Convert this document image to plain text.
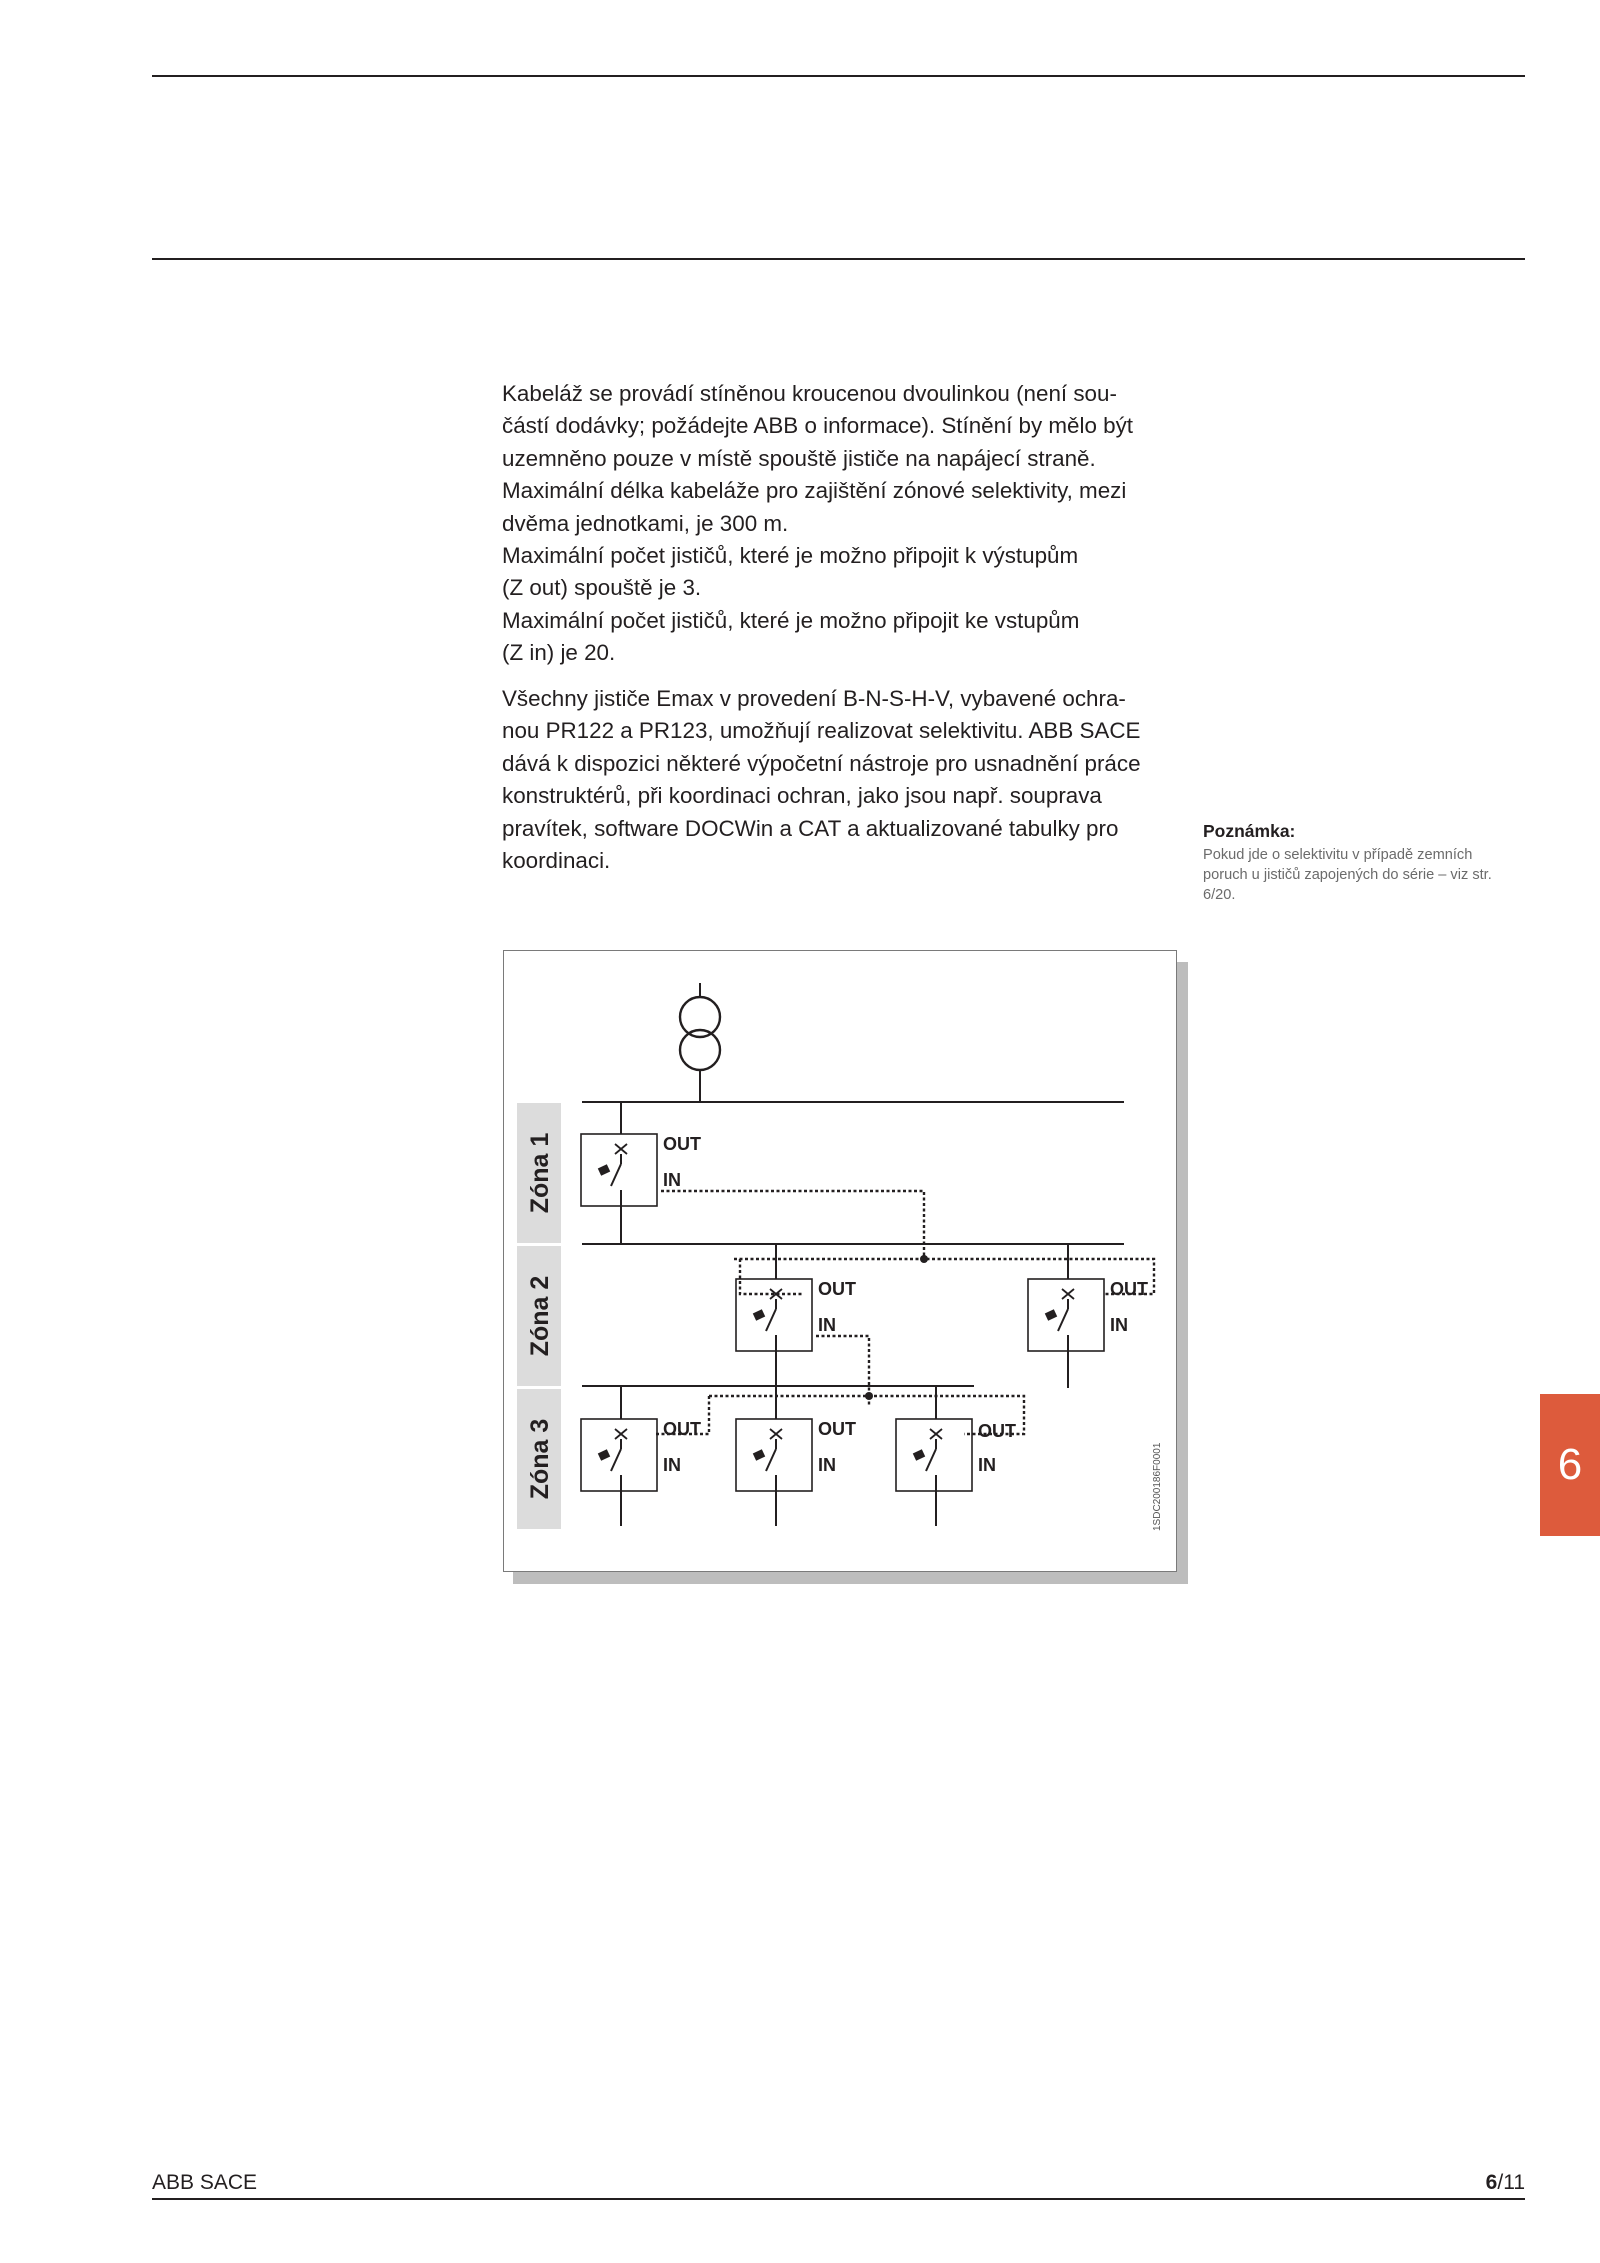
Kabeláž se provádí stíněnou kroucenou dvoulinkou (není sou-
částí dodávky; požádejte ABB o informace). Stínění by mělo být
uzemněno pouze v místě spouště jističe na napájecí straně.
Maximální délka kabeláže pro zajištění zónové selektivity, mezi
dvěma jednotkami, je 300 m.
Maximální počet jističů, které je možno připojit k výstupům
(Z out) spouště je 3.
Maximální počet jističů, které je možno připojit ke vstupům
(Z in) je 20.

Všechny jističe Emax v provedení B-N-S-H-V, vybavené ochra-
nou PR122 a PR123, umožňují realizovat selektivitu. ABB SACE
dává k dispozici některé výpočetní nástroje pro usnadnění práce
konstruktérů, při koordinaci ochran, jako jsou např. souprava
pravítek, software DOCWin a CAT a aktualizované tabulky pro
koordinaci.

Poznámka:
Pokud jde o selektivitu v případě zemních poruch u jističů zapojených do série – viz str. 6/20.
Zóna 1
Zóna 2
Zóna 3
OUT
IN
OUT
IN
OUT
IN
OUT
IN
OUT
IN
OUT
IN	1SDC200186F0001	6
ABB SACE	6/11
